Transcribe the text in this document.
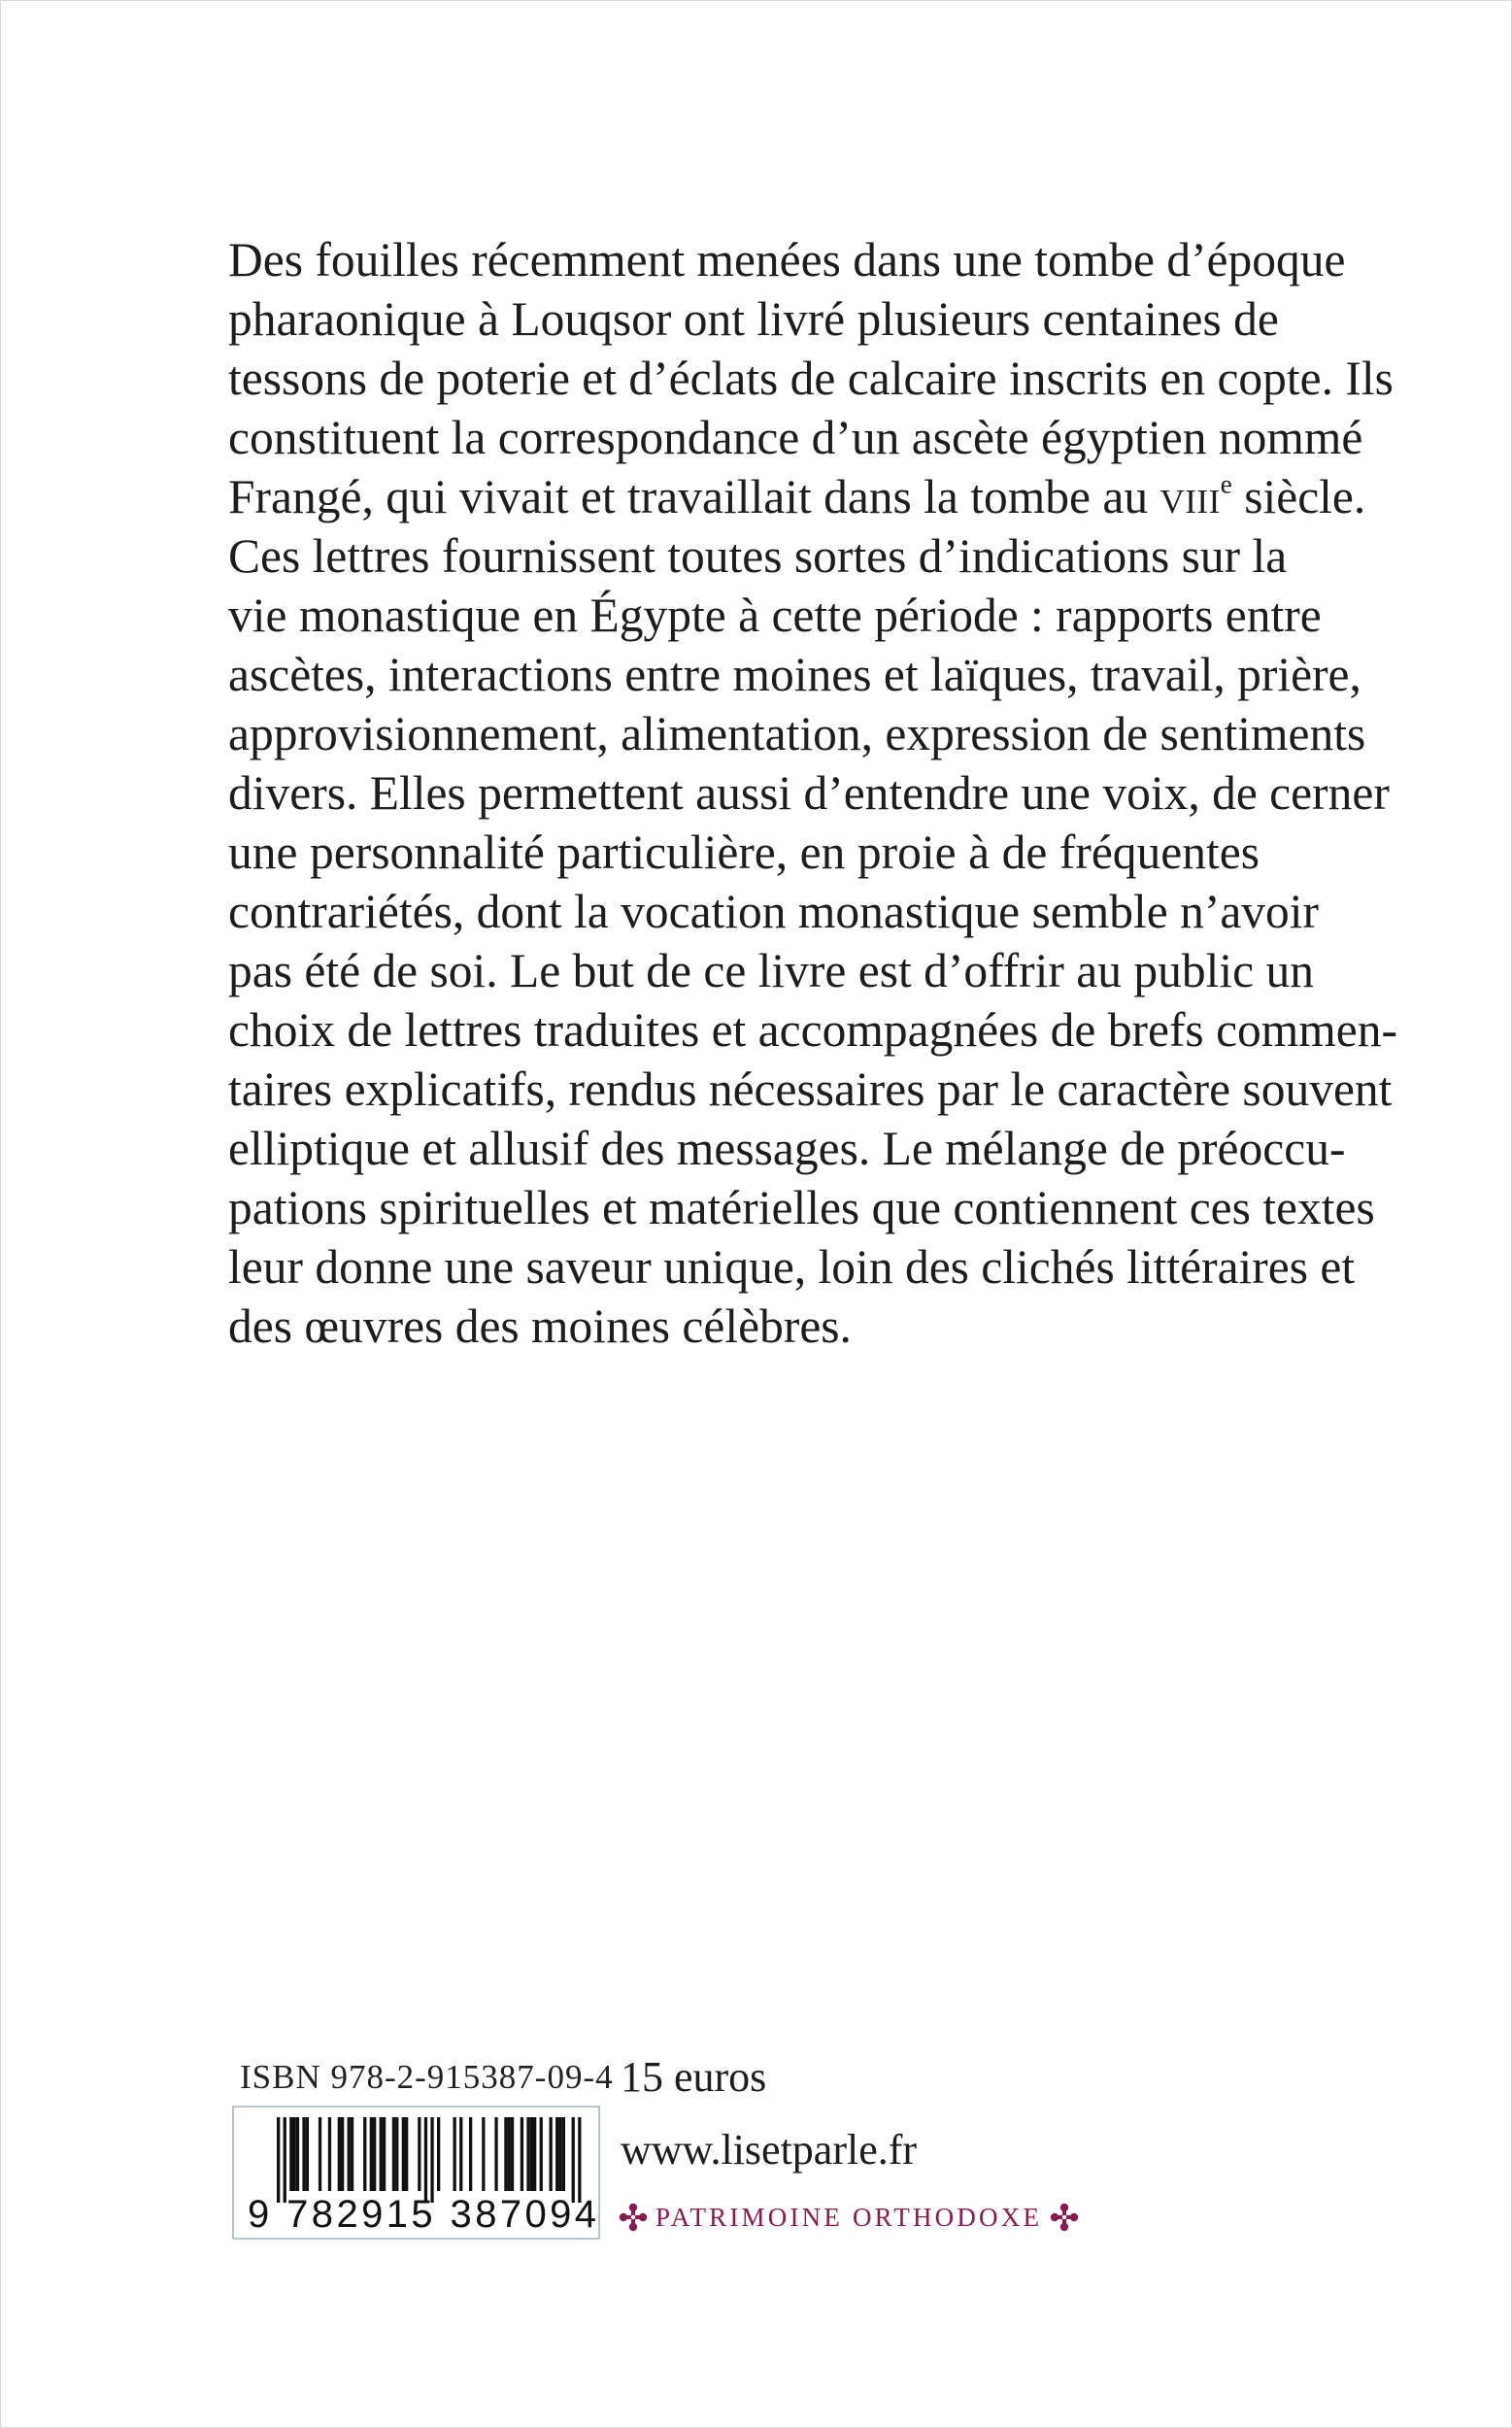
Des fouilles récemment menées dans une tombe d’époque
pharaonique à Louqsor ont livré plusieurs centaines de
tessons de poterie et d’éclats de calcaire inscrits en copte. Ils
constituent la correspondance d’un ascète égyptien nommé
Frangé, qui vivait et travaillait dans la tombe au viii$^e$ siècle.
Ces lettres fournissent toutes sortes d’indications sur la
vie monastique en Égypte à cette période : rapports entre
ascètes, interactions entre moines et laïques, travail, prière,
approvisionnement, alimentation, expression de sentiments
divers. Elles permettent aussi d’entendre une voix, de cerner
une personnalité particulière, en proie à de fréquentes
contrariétés, dont la vocation monastique semble n’avoir
pas été de soi. Le but de ce livre est d’offrir au public un
choix de lettres traduites et accompagnées de brefs commen-
taires explicatifs, rendus nécessaires par le caractère souvent
elliptique et allusif des messages. Le mélange de préoccu-
pations spirituelles et matérielles que contiennent ces textes
leur donne une saveur unique, loin des clichés littéraires et
des œuvres des moines célèbres.
ISBN 978-2-915387-09-4 15 euros
9 782915 387094
www.lisetparle.fr
PATRIMOINE ORTHODOXE
